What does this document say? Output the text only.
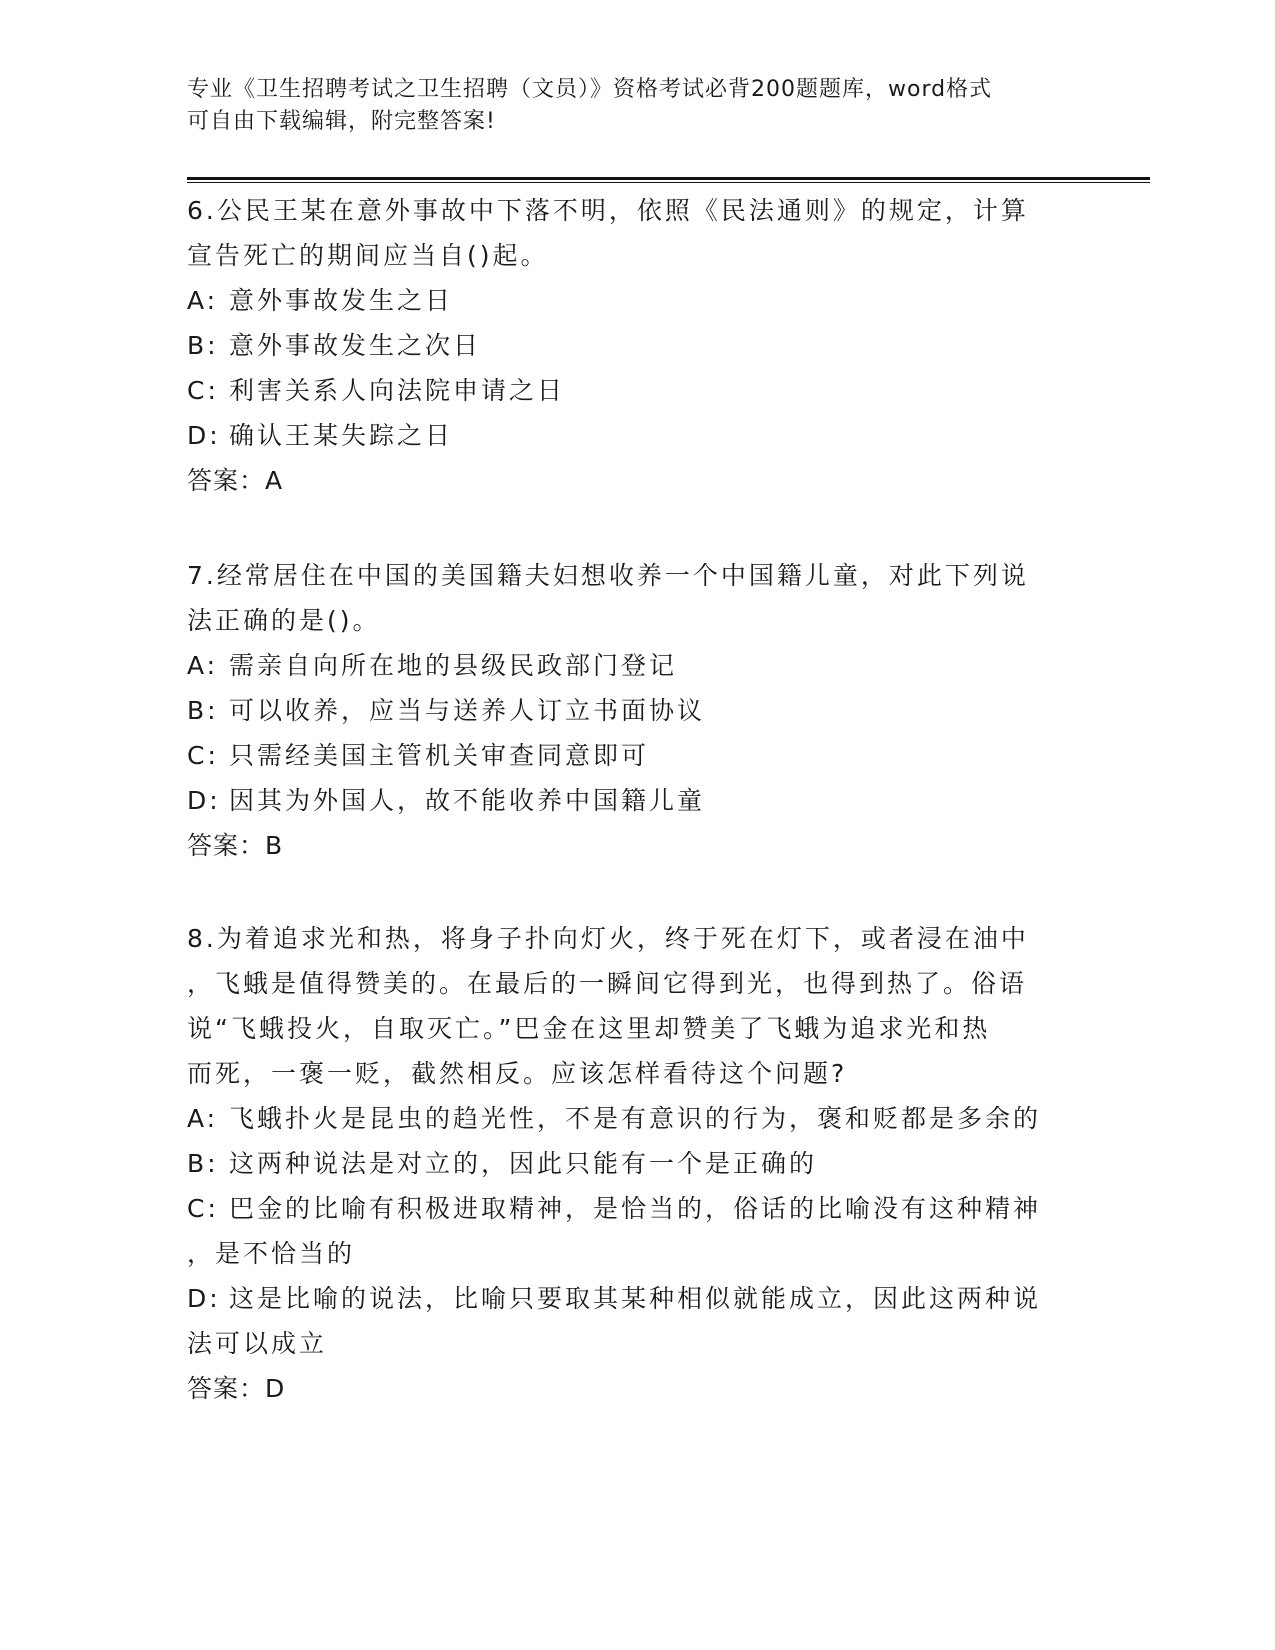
专业《卫生招聘考试之卫生招聘（文员）》资格考试必背200题题库，word格式
可自由下载编辑，附完整答案!
6.公民王某在意外事故中下落不明，依照《民法通则》的规定，计算
宣告死亡的期间应当自()起。
A: 意外事故发生之日
B: 意外事故发生之次日
C: 利害关系人向法院申请之日
D: 确认王某失踪之日
答案：A
7.经常居住在中国的美国籍夫妇想收养一个中国籍儿童，对此下列说
法正确的是()。
A: 需亲自向所在地的县级民政部门登记
B: 可以收养，应当与送养人订立书面协议
C: 只需经美国主管机关审查同意即可
D: 因其为外国人，故不能收养中国籍儿童
答案：B
8.为着追求光和热，将身子扑向灯火，终于死在灯下，或者浸在油中
，飞蛾是值得赞美的。在最后的一瞬间它得到光，也得到热了。俗语
说“飞蛾投火，自取灭亡。”巴金在这里却赞美了飞蛾为追求光和热
而死，一褒一贬，截然相反。应该怎样看待这个问题?
A: 飞蛾扑火是昆虫的趋光性，不是有意识的行为，褒和贬都是多余的
B: 这两种说法是对立的，因此只能有一个是正确的
C: 巴金的比喻有积极进取精神，是恰当的，俗话的比喻没有这种精神
，是不恰当的
D: 这是比喻的说法，比喻只要取其某种相似就能成立，因此这两种说
法可以成立
答案：D
